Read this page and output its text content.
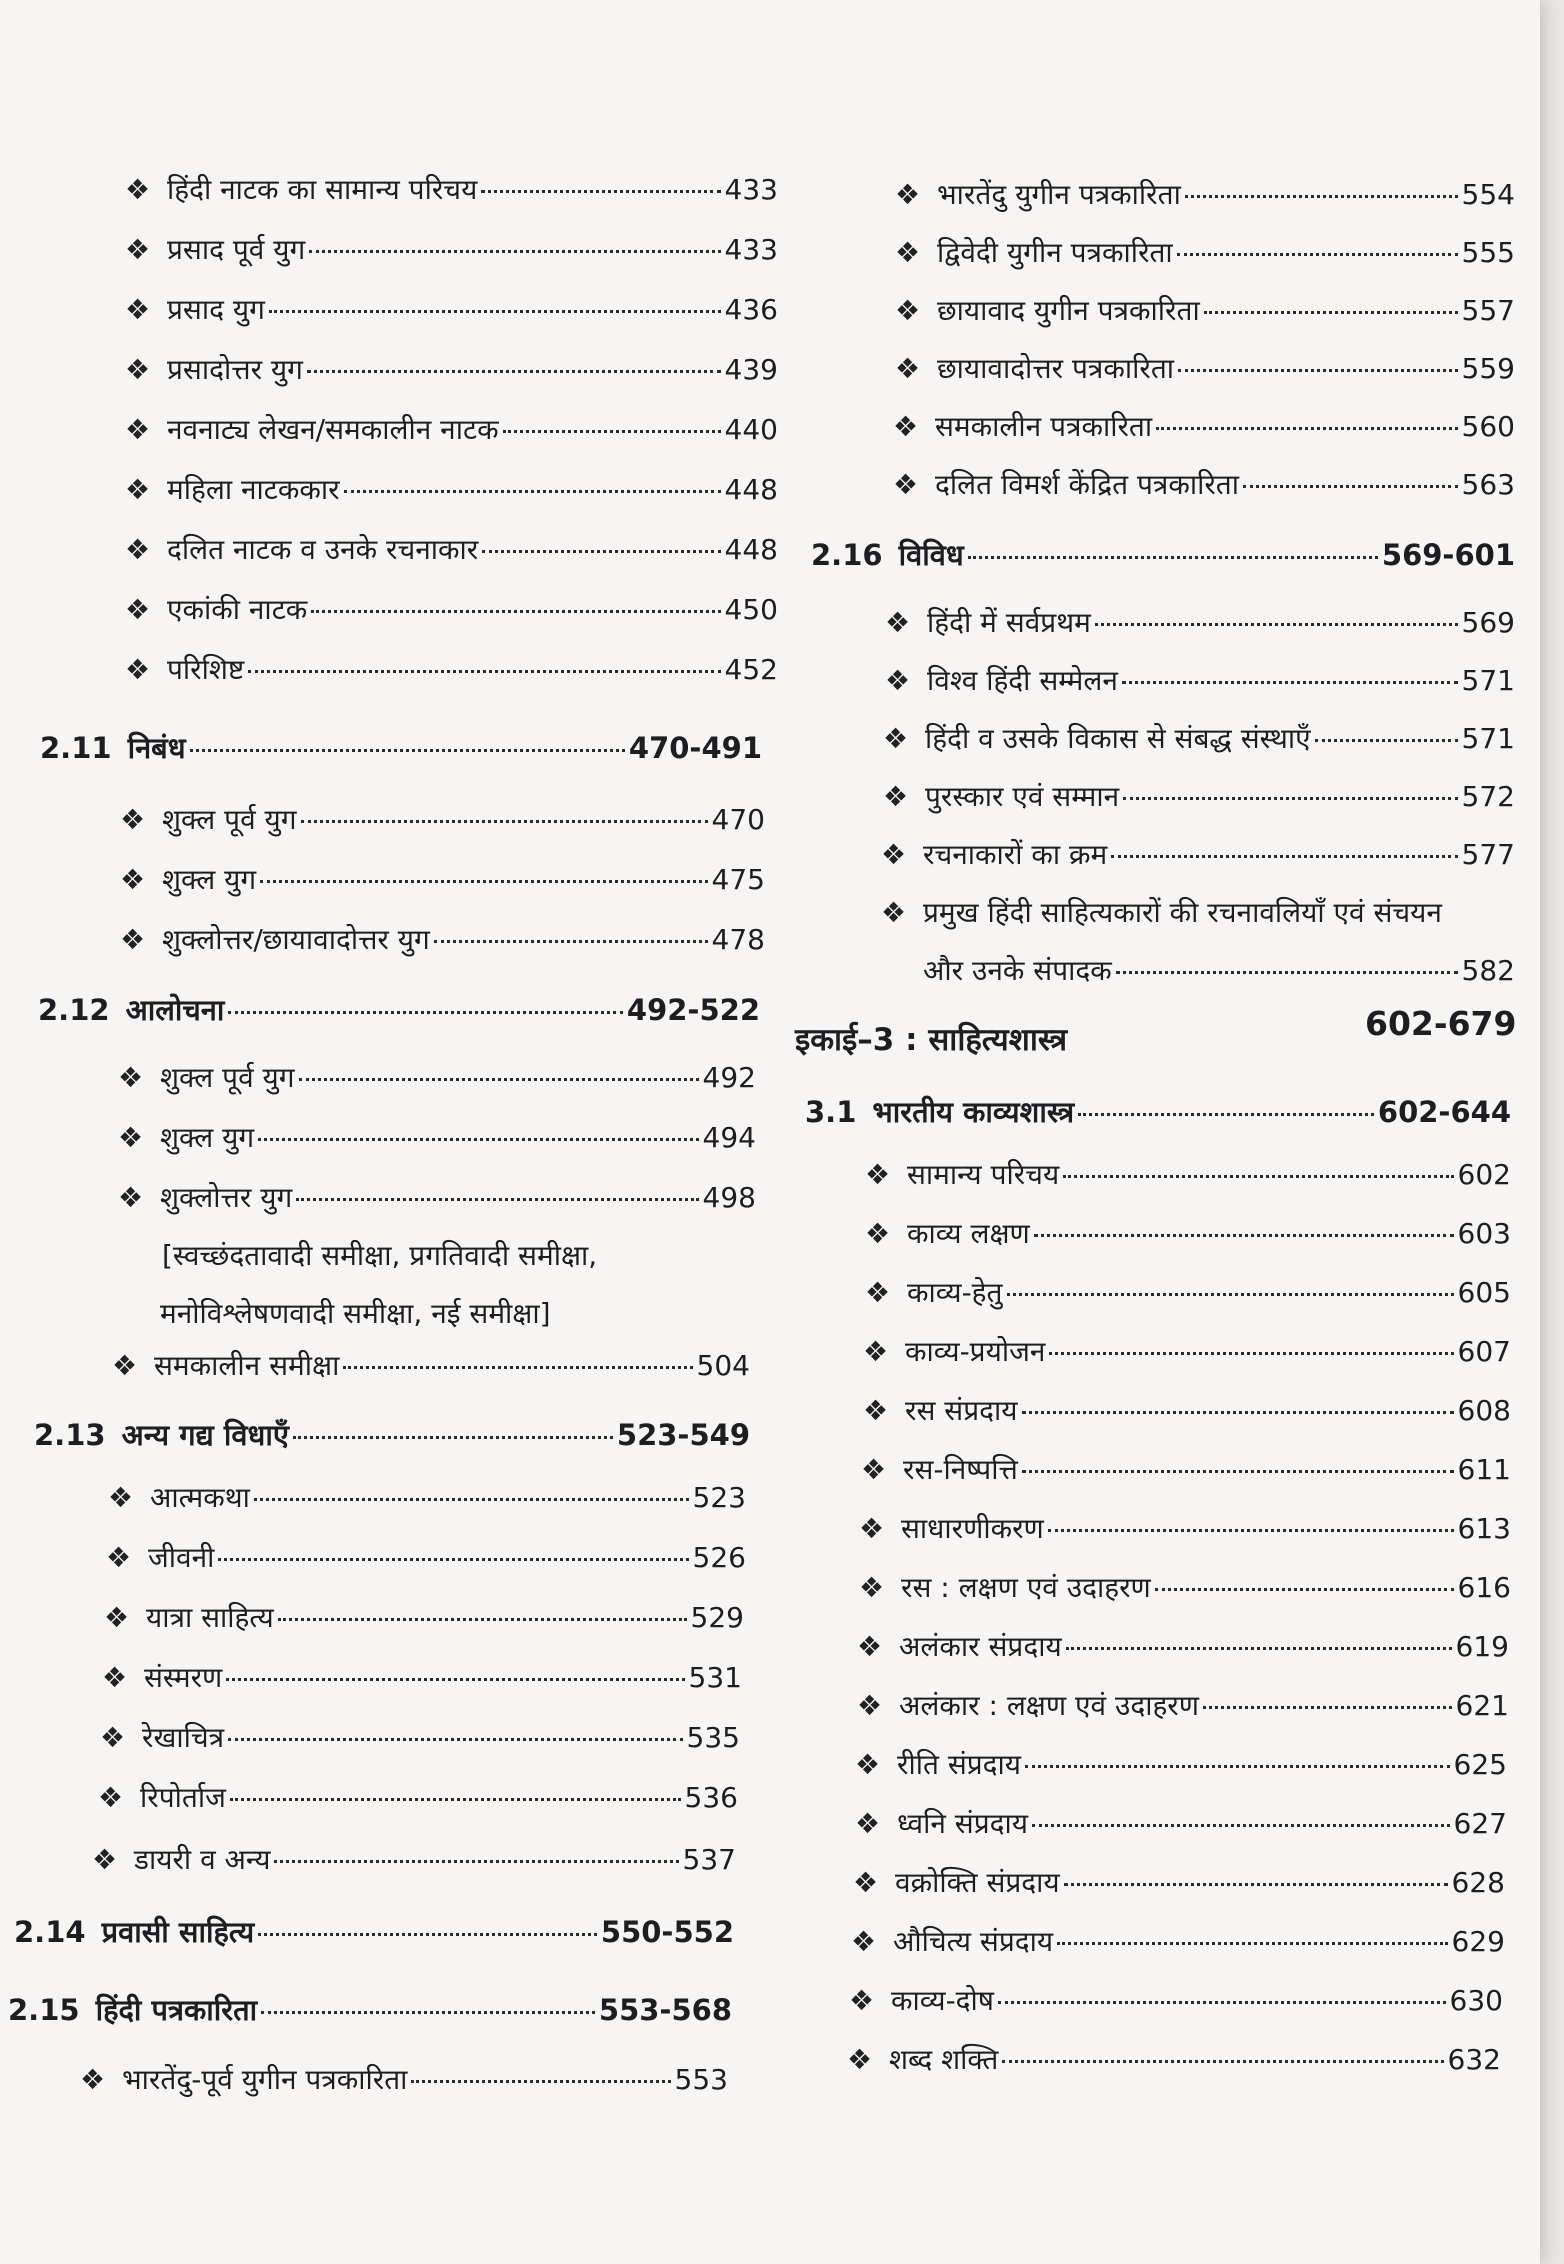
❖ हिंदी नाटक का सामान्य परिचय	433
❖ प्रसाद पूर्व युग	433
❖ प्रसाद युग	436
❖ प्रसादोत्तर युग	439
❖ नवनाट्य लेखन/समकालीन नाटक	440
❖ महिला नाटककार	448
❖ दलित नाटक व उनके रचनाकार	448
❖ एकांकी नाटक	450
❖ परिशिष्ट	452
2.11 निबंध	470-491
❖ शुक्ल पूर्व युग	470
❖ शुक्ल युग	475
❖ शुक्लोत्तर/छायावादोत्तर युग	478
2.12 आलोचना	492-522
❖ शुक्ल पूर्व युग	492
❖ शुक्ल युग	494
❖ शुक्लोत्तर युग	498
[स्वच्छंदतावादी समीक्षा, प्रगतिवादी समीक्षा,
मनोविश्लेषणवादी समीक्षा, नई समीक्षा]
❖ समकालीन समीक्षा	504
2.13 अन्य गद्य विधाएँ	523-549
❖ आत्मकथा	523
❖ जीवनी	526
❖ यात्रा साहित्य	529
❖ संस्मरण	531
❖ रेखाचित्र	535
❖ रिपोर्ताज	536
❖ डायरी व अन्य	537
2.14 प्रवासी साहित्य	550-552
2.15 हिंदी पत्रकारिता	553-568
❖ भारतेंदु-पूर्व युगीन पत्रकारिता	553
❖ भारतेंदु युगीन पत्रकारिता	554
❖ द्विवेदी युगीन पत्रकारिता	555
❖ छायावाद युगीन पत्रकारिता	557
❖ छायावादोत्तर पत्रकारिता	559
❖ समकालीन पत्रकारिता	560
❖ दलित विमर्श केंद्रित पत्रकारिता	563
2.16 विविध	569-601
❖ हिंदी में सर्वप्रथम	569
❖ विश्व हिंदी सम्मेलन	571
❖ हिंदी व उसके विकास से संबद्ध संस्थाएँ	571
❖ पुरस्कार एवं सम्मान	572
❖ रचनाकारों का क्रम	577
❖ प्रमुख हिंदी साहित्यकारों की रचनावलियाँ एवं संचयन
और उनके संपादक	582
इकाई–3 : साहित्यशास्त्र	602-679
3.1 भारतीय काव्यशास्त्र	602-644
❖ सामान्य परिचय	602
❖ काव्य लक्षण	603
❖ काव्य-हेतु	605
❖ काव्य-प्रयोजन	607
❖ रस संप्रदाय	608
❖ रस-निष्पत्ति	611
❖ साधारणीकरण	613
❖ रस : लक्षण एवं उदाहरण	616
❖ अलंकार संप्रदाय	619
❖ अलंकार : लक्षण एवं उदाहरण	621
❖ रीति संप्रदाय	625
❖ ध्वनि संप्रदाय	627
❖ वक्रोक्ति संप्रदाय	628
❖ औचित्य संप्रदाय	629
❖ काव्य-दोष	630
❖ शब्द शक्ति	632
